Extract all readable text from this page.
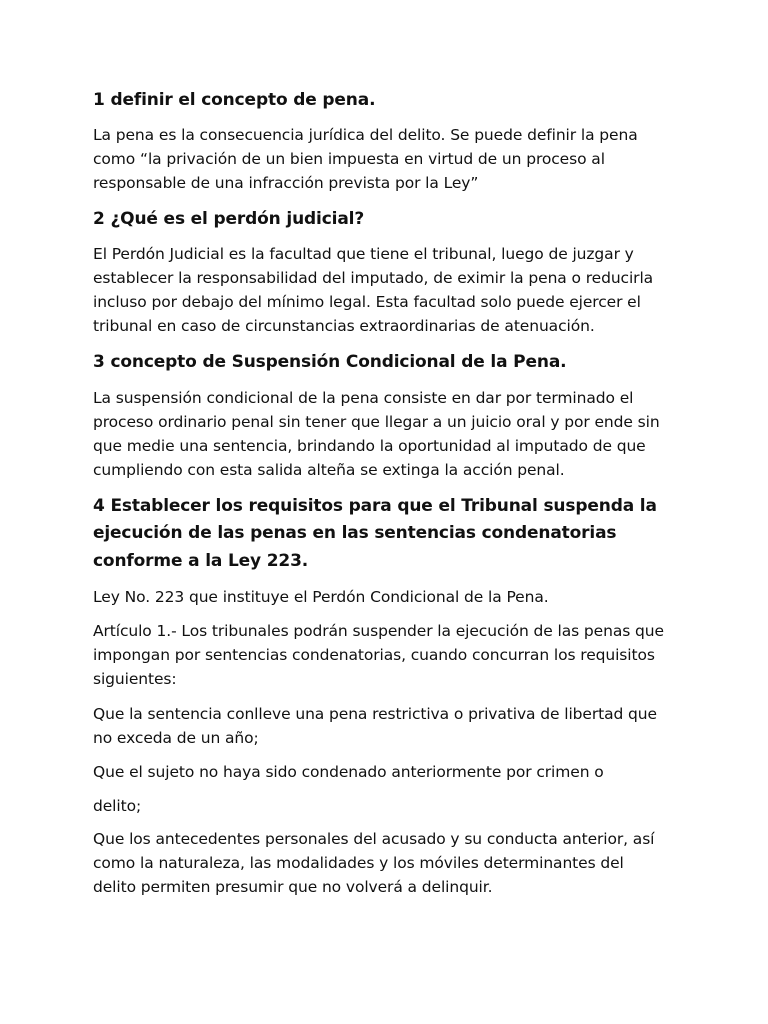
1 definir el concepto de pena.
La pena es la consecuencia jurídica del delito. Se puede definir la pena
como “la privación de un bien impuesta en virtud de un proceso al
responsable de una infracción prevista por la Ley”
2 ¿Qué es el perdón judicial?
El Perdón Judicial es la facultad que tiene el tribunal, luego de juzgar y
establecer la responsabilidad del imputado, de eximir la pena o reducirla
incluso por debajo del mínimo legal. Esta facultad solo puede ejercer el
tribunal en caso de circunstancias extraordinarias de atenuación.
3 concepto de Suspensión Condicional de la Pena.
La suspensión condicional de la pena consiste en dar por terminado el
proceso ordinario penal sin tener que llegar a un juicio oral y por ende sin
que medie una sentencia, brindando la oportunidad al imputado de que
cumpliendo con esta salida alteña se extinga la acción penal.
4 Establecer los requisitos para que el Tribunal suspenda la
ejecución de las penas en las sentencias condenatorias
conforme a la Ley 223.
Ley No. 223 que instituye el Perdón Condicional de la Pena.
Artículo 1.- Los tribunales podrán suspender la ejecución de las penas que
impongan por sentencias condenatorias, cuando concurran los requisitos
siguientes:
Que la sentencia conlleve una pena restrictiva o privativa de libertad que
no exceda de un año;
Que el sujeto no haya sido condenado anteriormente por crimen o
delito;
Que los antecedentes personales del acusado y su conducta anterior, así
como la naturaleza, las modalidades y los móviles determinantes del
delito permiten presumir que no volverá a delinquir.
